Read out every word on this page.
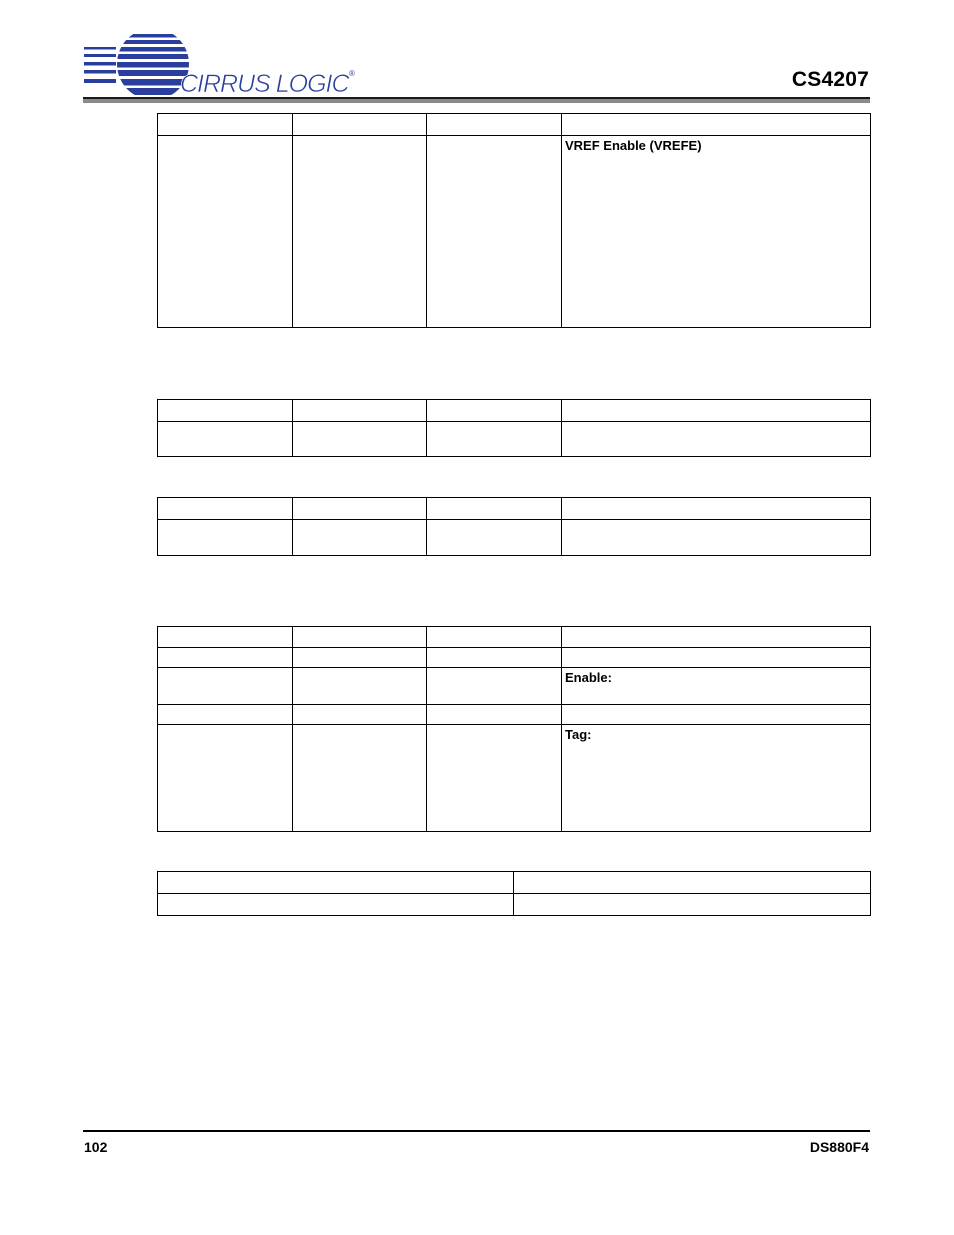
CIRRUS LOGIC ®	CS4207

			VREF Enable (VREFE)

			Enable:

			Tag:

102	DS880F4
